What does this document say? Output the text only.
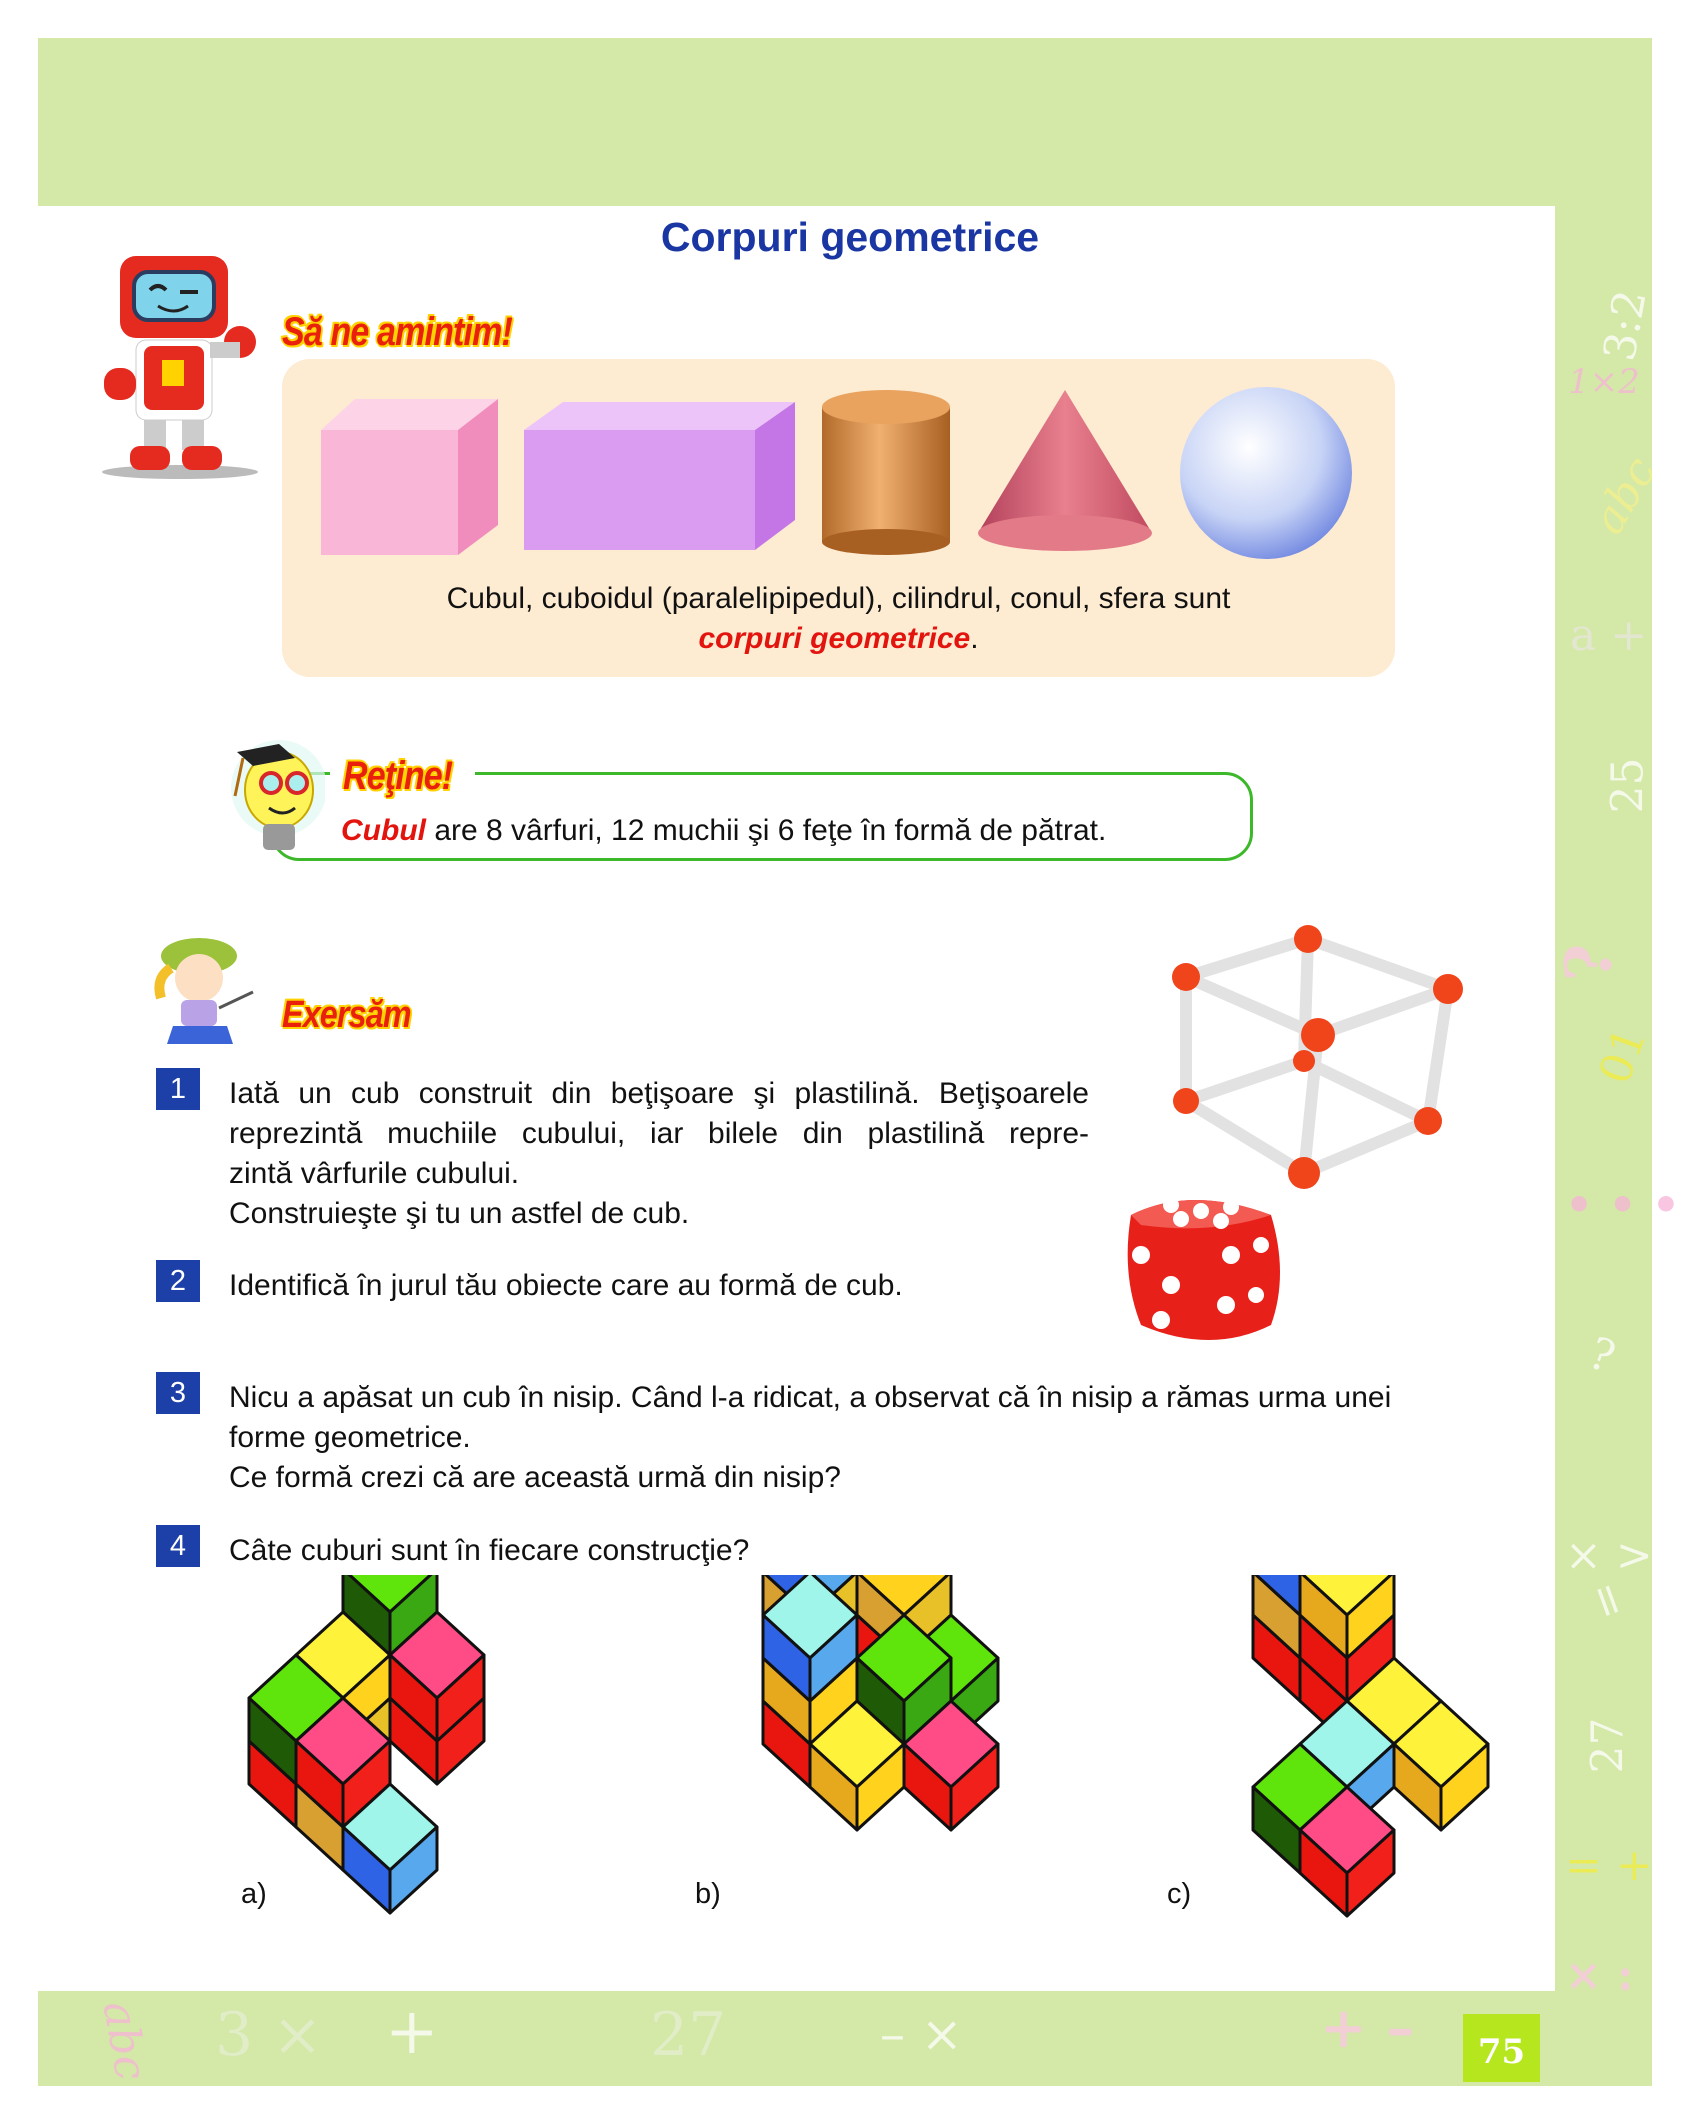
3:2
1×2
abc
a +
25
?
01
• • •
?
× >
=
27
= +
× :
abc 3 × +	27	– ×	+ –	75
Corpuri geometrice
Să ne amintim!
Cubul, cuboidul (paralelipipedul), cilindrul, conul, sfera sunt
corpuri geometrice.
Reţine!
Cubul are 8 vârfuri, 12 muchii şi 6 feţe în formă de pătrat.
Exersăm
1	Iată un cub construit din beţişoare şi plastilină. Beţişoarele
reprezintă muchiile cubului, iar bilele din plastilină repre-
zintă vârfurile cubului.
Construieşte şi tu un astfel de cub.
2	Identifică în jurul tău obiecte care au formă de cub.
3	Nicu a apăsat un cub în nisip. Când l-a ridicat, a observat că în nisip a rămas urma unei
forme geometrice.
Ce formă crezi că are această urmă din nisip?
4	Câte cuburi sunt în fiecare construcţie?
a)	b)	c)
